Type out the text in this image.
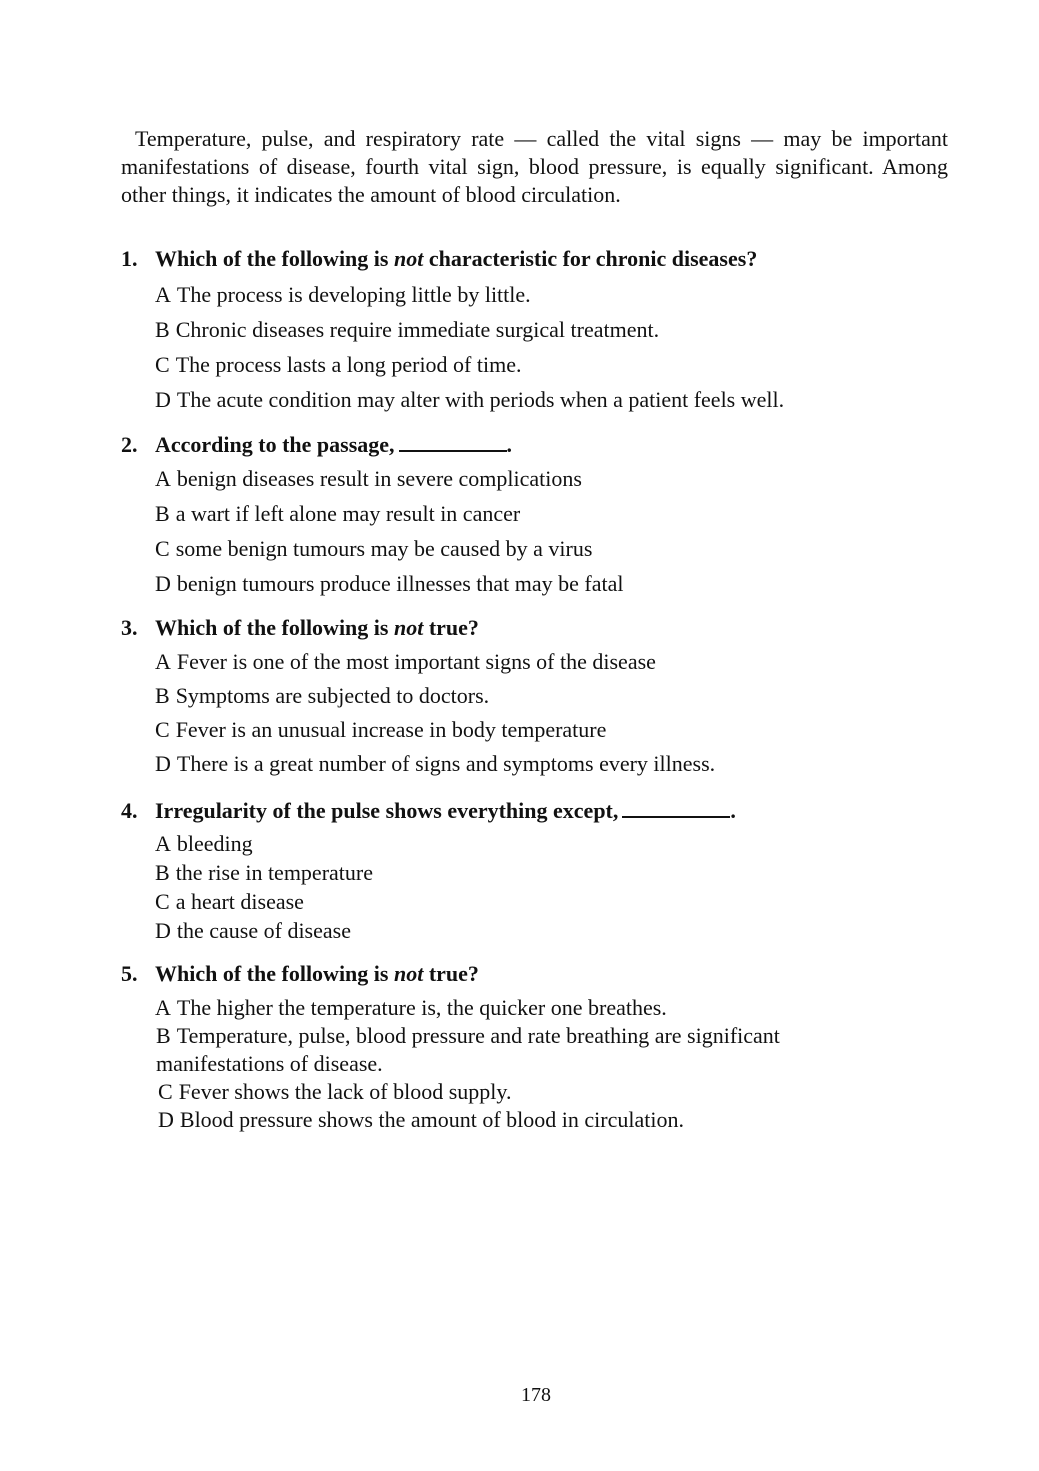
Temperature, pulse, and respiratory rate — called the vital signs — may be important manifestations of disease, fourth vital sign, blood pressure, is equally significant. Among other things, it indicates the amount of blood circulation.

1. Which of the following is not characteristic for chronic diseases?
A The process is developing little by little.
B Chronic diseases require immediate surgical treatment.
C The process lasts a long period of time.
D The acute condition may alter with periods when a patient feels well.
2. According to the passage,	.
A benign diseases result in severe complications
B a wart if left alone may result in cancer
C some benign tumours may be caused by a virus
D benign tumours produce illnesses that may be fatal
3. Which of the following is not true?
A Fever is one of the most important signs of the disease
B Symptoms are subjected to doctors.
C Fever is an unusual increase in body temperature
D There is a great number of signs and symptoms every illness.
4. Irregularity of the pulse shows everything except,	.
A bleeding
B the rise in temperature
C a heart disease
D the cause of disease
5. Which of the following is not true?
A The higher the temperature is, the quicker one breathes.
B Temperature, pulse, blood pressure and rate breathing are significant manifestations of disease.
C Fever shows the lack of blood supply.
D Blood pressure shows the amount of blood in circulation.
178
